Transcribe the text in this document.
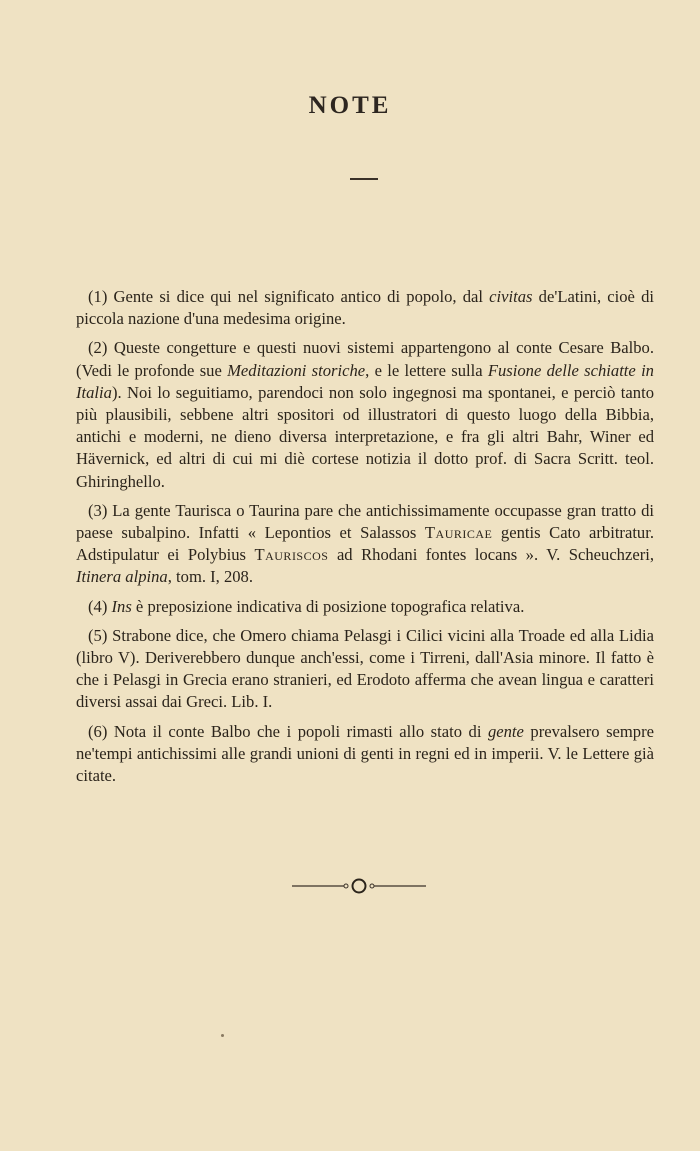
NOTE

(1) Gente si dice qui nel significato antico di popolo, dal civitas de'Latini, cioè di piccola nazione d'una medesima origine.

(2) Queste congetture e questi nuovi sistemi appartengono al conte Cesare Balbo. (Vedi le profonde sue Meditazioni storiche, e le lettere sulla Fusione delle schiatte in Italia). Noi lo seguitiamo, parendoci non solo ingegnosi ma spontanei, e perciò tanto più plausibili, sebbene altri spositori od illustratori di questo luogo della Bibbia, antichi e moderni, ne dieno diversa interpretazione, e fra gli altri Bahr, Winer ed Hävernick, ed altri di cui mi diè cortese notizia il dotto prof. di Sacra Scritt. teol. Ghiringhello.

(3) La gente Taurisca o Taurina pare che antichissimamente occupasse gran tratto di paese subalpino. Infatti « Lepontios et Salassos Tauricae gentis Cato arbitratur. Adstipulatur ei Polybius Tauriscos ad Rhodani fontes locans ». V. Scheuchzeri, Itinera alpina, tom. I, 208.

(4) Ins è preposizione indicativa di posizione topografica relativa.

(5) Strabone dice, che Omero chiama Pelasgi i Cilici vicini alla Troade ed alla Lidia (libro V). Deriverebbero dunque anch'essi, come i Tirreni, dall'Asia minore. Il fatto è che i Pelasgi in Grecia erano stranieri, ed Erodoto afferma che avean lingua e caratteri diversi assai dai Greci. Lib. I.

(6) Nota il conte Balbo che i popoli rimasti allo stato di gente prevalsero sempre ne'tempi antichissimi alle grandi unioni di genti in regni ed in imperii. V. le Lettere già citate.
